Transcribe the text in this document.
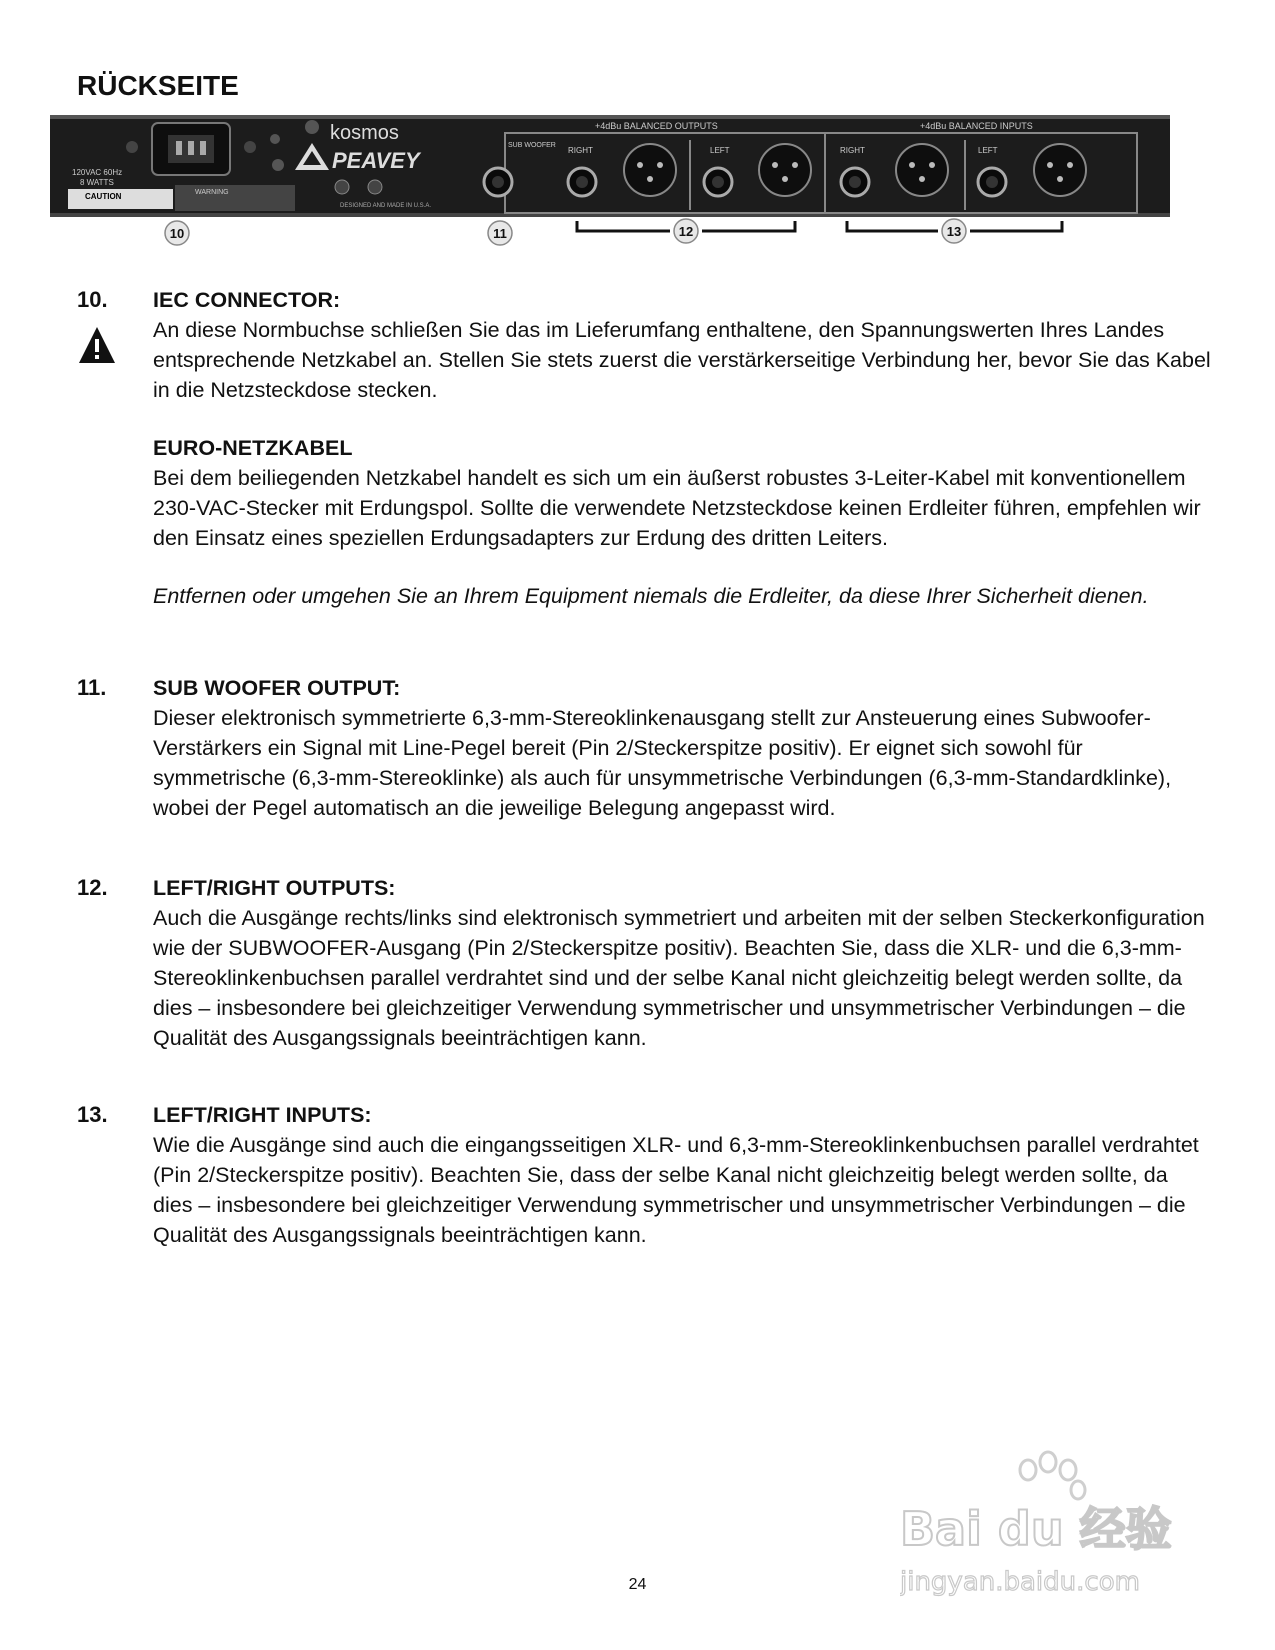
RÜCKSEITE
120VAC 60Hz
8 WATTS
CAUTION	WARNING
kosmos
PEAVEY
DESIGNED AND MADE IN U.S.A.
+4dBu BALANCED OUTPUTS
SUB WOOFER
RIGHT	LEFT
+4dBu BALANCED INPUTS
RIGHT	LEFT
10	11	12	13
10. IEC CONNECTOR:
An diese Normbuchse schließen Sie das im Lieferumfang enthaltene, den Spannungswerten Ihres Landes entsprechende Netzkabel an. Stellen Sie stets zuerst die verstärkerseitige Verbindung her, bevor Sie das Kabel in die Netzsteckdose stecken.
EURO-NETZKABEL
Bei dem beiliegenden Netzkabel handelt es sich um ein äußerst robustes 3-Leiter-Kabel mit konventionellem 230-VAC-Stecker mit Erdungspol. Sollte die verwendete Netzsteckdose keinen Erdleiter führen, empfehlen wir den Einsatz eines speziellen Erdungsadapters zur Erdung des dritten Leiters.
Entfernen oder umgehen Sie an Ihrem Equipment niemals die Erdleiter, da diese Ihrer Sicherheit dienen.
11. SUB WOOFER OUTPUT:
Dieser elektronisch symmetrierte 6,3-mm-Stereoklinkenausgang stellt zur Ansteuerung eines Subwoofer-Verstärkers ein Signal mit Line-Pegel bereit (Pin 2/Steckerspitze positiv). Er eignet sich sowohl für symmetrische (6,3-mm-Stereoklinke) als auch für unsymmetrische Verbindungen (6,3-mm-Standardklinke), wobei der Pegel automatisch an die jeweilige Belegung angepasst wird.
12. LEFT/RIGHT OUTPUTS:
Auch die Ausgänge rechts/links sind elektronisch symmetriert und arbeiten mit der selben Steckerkonfiguration wie der SUBWOOFER-Ausgang (Pin 2/Steckerspitze positiv). Beachten Sie, dass die XLR- und die 6,3-mm-Stereoklinkenbuchsen parallel verdrahtet sind und der selbe Kanal nicht gleichzeitig belegt werden sollte, da dies – insbesondere bei gleichzeitiger Verwendung symmetrischer und unsymmetrischer Verbindungen – die Qualität des Ausgangssignals beeinträchtigen kann.
13. LEFT/RIGHT INPUTS:
Wie die Ausgänge sind auch die eingangsseitigen XLR- und 6,3-mm-Stereoklinkenbuchsen parallel verdrahtet (Pin 2/Steckerspitze positiv). Beachten Sie, dass der selbe Kanal nicht gleichzeitig belegt werden sollte, da dies – insbesondere bei gleichzeitiger Verwendung symmetrischer und unsymmetrischer Verbindungen – die Qualität des Ausgangssignals beeinträchtigen kann.
Bai du 经验
jingyan.baidu.com
24
